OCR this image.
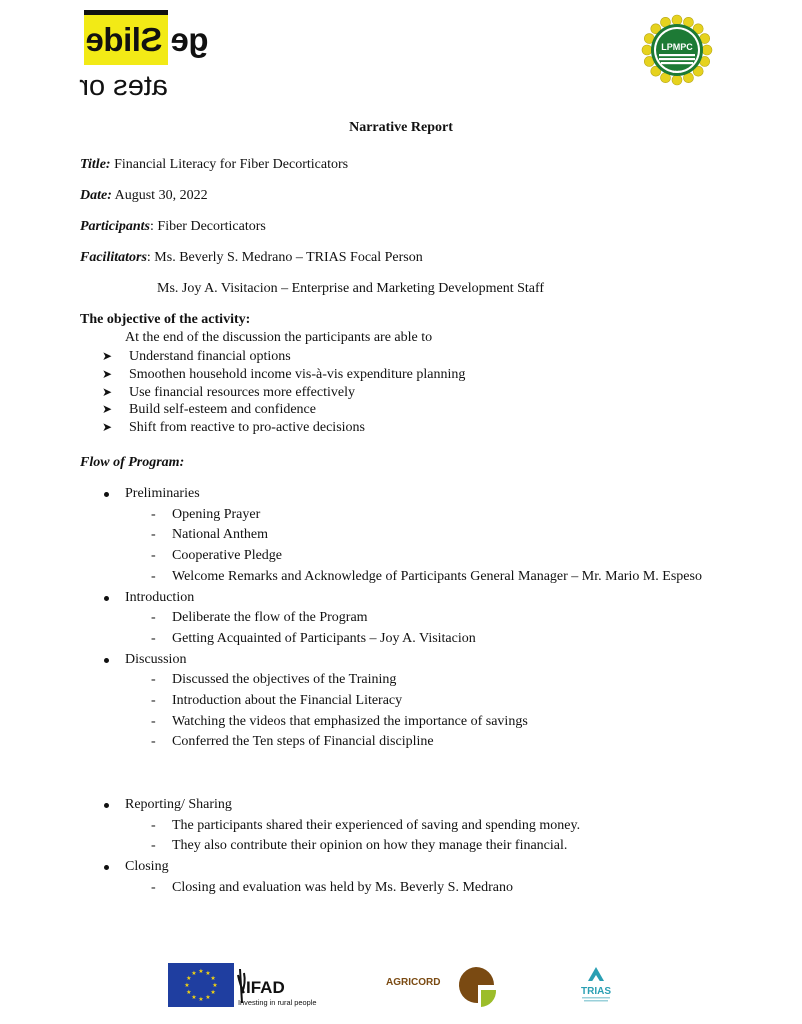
ge Slide
ates or
LPMPC
1967
Narrative Report
Title: Financial Literacy for Fiber Decorticators
Date: August 30, 2022
Participants: Fiber Decorticators
Facilitators: Ms. Beverly S. Medrano – TRIAS Focal Person
Ms. Joy A. Visitacion – Enterprise and Marketing Development Staff
The objective of the activity:
At the end of the discussion the participants are able to
➤ Understand financial options
➤ Smoothen household income vis-à-vis expenditure planning
➤ Use financial resources more effectively
➤ Build self-esteem and confidence
➤ Shift from reactive to pro-active decisions
Flow of Program:
Preliminaries
- Opening Prayer
- National Anthem
- Cooperative Pledge
- Welcome Remarks and Acknowledge of Participants General Manager – Mr. Mario M. Espeso
Introduction
- Deliberate the flow of the Program
- Getting Acquainted of Participants – Joy A. Visitacion
Discussion
- Discussed the objectives of the Training
- Introduction about the Financial Literacy
- Watching the videos that emphasized the importance of savings
- Conferred the Ten steps of Financial discipline
Reporting/ Sharing
- The participants shared their experienced of saving and spending money.
- They also contribute their opinion on how they manage their financial.
Closing
- Closing and evaluation was held by Ms. Beverly S. Medrano
★
★
★
★
★
★
★
★
★ ★ ★
★ IFAD
Investing in rural people
AGRICORD
TRIAS
